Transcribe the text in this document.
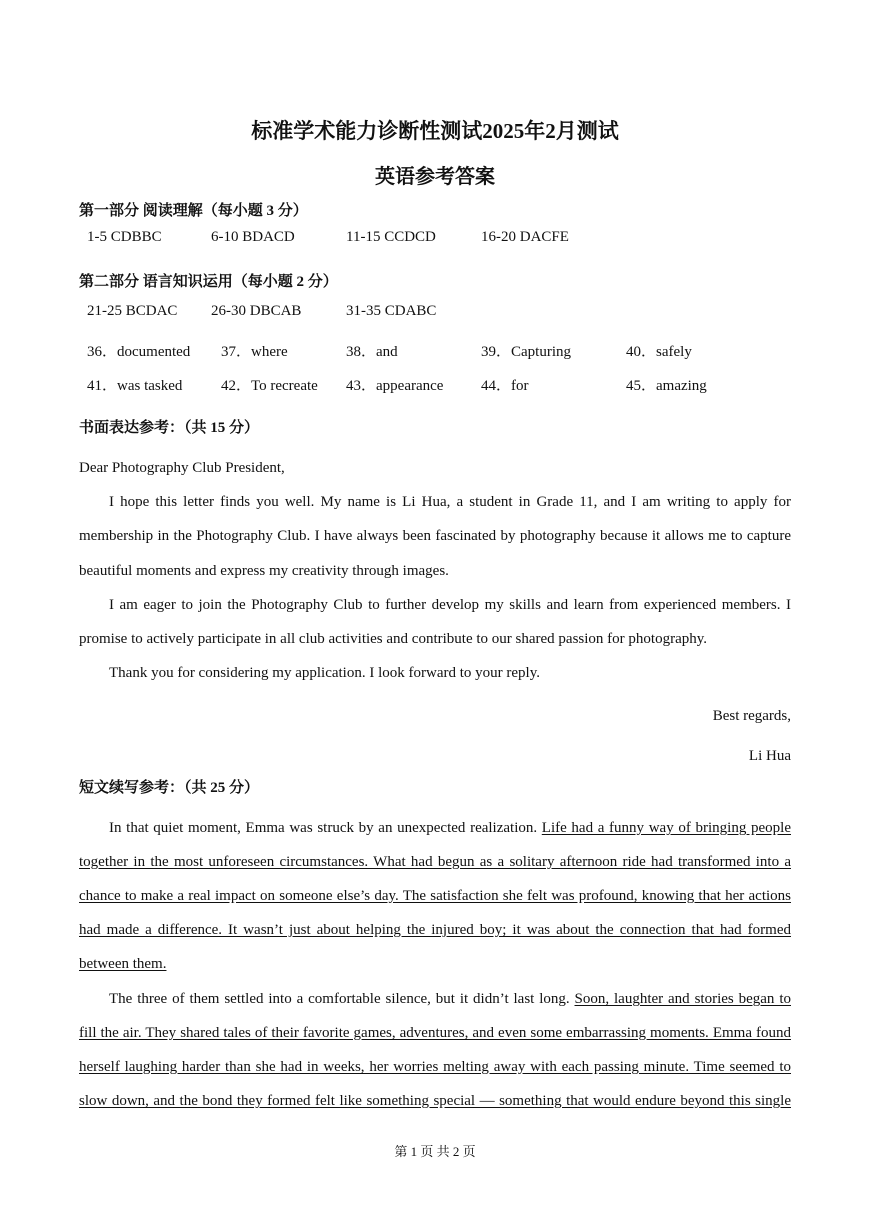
标准学术能力诊断性测试2025年2月测试
英语参考答案
第一部分 阅读理解（每小题 3 分）
1-5 CDBBC	6-10 BDACD	11-15 CCDCD	16-20 DACFE
第二部分 语言知识运用（每小题 2 分）
21-25 BCDAC 26-30 DBCAB	31-35 CDABC
36．documented 37．where	38．and	39．Capturing	40．safely
41．was tasked	42．To recreate 43．appearance	44．for	45．amazing
书面表达参考：（共 15 分）
Dear Photography Club President,
I hope this letter finds you well. My name is Li Hua, a student in Grade 11, and I am writing to apply for
membership in the Photography Club. I have always been fascinated by photography because it allows me to capture
beautiful moments and express my creativity through images.
I am eager to join the Photography Club to further develop my skills and learn from experienced members. I
promise to actively participate in all club activities and contribute to our shared passion for photography.
Thank you for considering my application. I look forward to your reply.
Best regards,
Li Hua
短文续写参考：（共 25 分）
In that quiet moment, Emma was struck by an unexpected realization. Life had a funny way of bringing people
together in the most unforeseen circumstances. What had begun as a solitary afternoon ride had transformed into a
chance to make a real impact on someone else’s day. The satisfaction she felt was profound, knowing that her actions
had made a difference. It wasn’t just about helping the injured boy; it was about the connection that had formed
between them.
The three of them settled into a comfortable silence, but it didn’t last long. Soon, laughter and stories began to
fill the air. They shared tales of their favorite games, adventures, and even some embarrassing moments. Emma found
herself laughing harder than she had in weeks, her worries melting away with each passing minute. Time seemed to
slow down, and the bond they formed felt like something special — something that would endure beyond this single
第 1 页 共 2 页
